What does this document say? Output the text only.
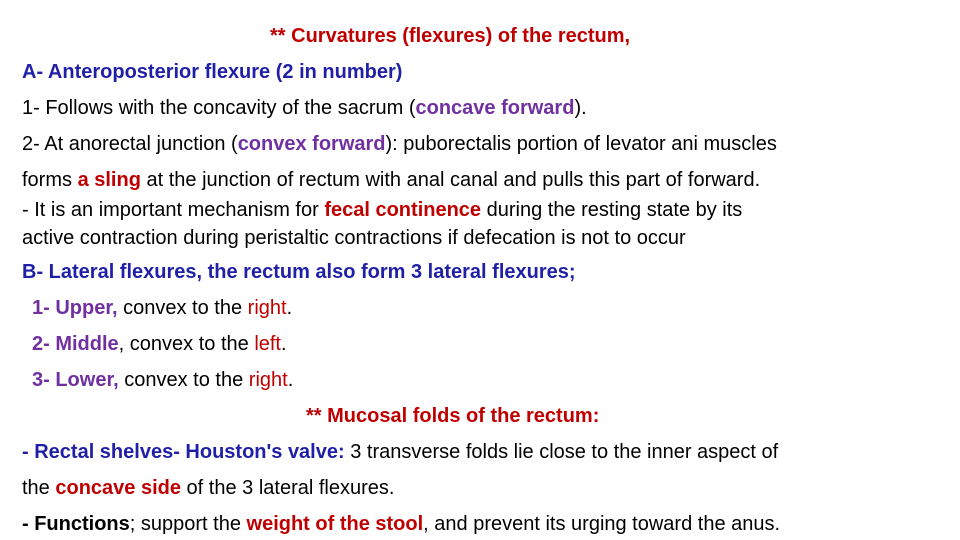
** Curvatures (flexures) of the rectum,
A- Anteroposterior flexure (2 in number)
1- Follows with the concavity of the sacrum (concave forward).
2- At anorectal junction (convex forward): puborectalis portion of levator ani muscles
forms a sling at the junction of rectum with anal canal and pulls this part of forward.
- It is an important mechanism for fecal continence during the resting state by its
active contraction during peristaltic contractions if defecation is not to occur
B- Lateral flexures, the rectum also form 3 lateral flexures;
1- Upper, convex to the right.
2- Middle, convex to the left.
3- Lower, convex to the right.
** Mucosal folds of the rectum:
- Rectal shelves- Houston's valve: 3 transverse folds lie close to the inner aspect of
the concave side of the 3 lateral flexures.
- Functions; support the weight of the stool, and prevent its urging toward the anus.
